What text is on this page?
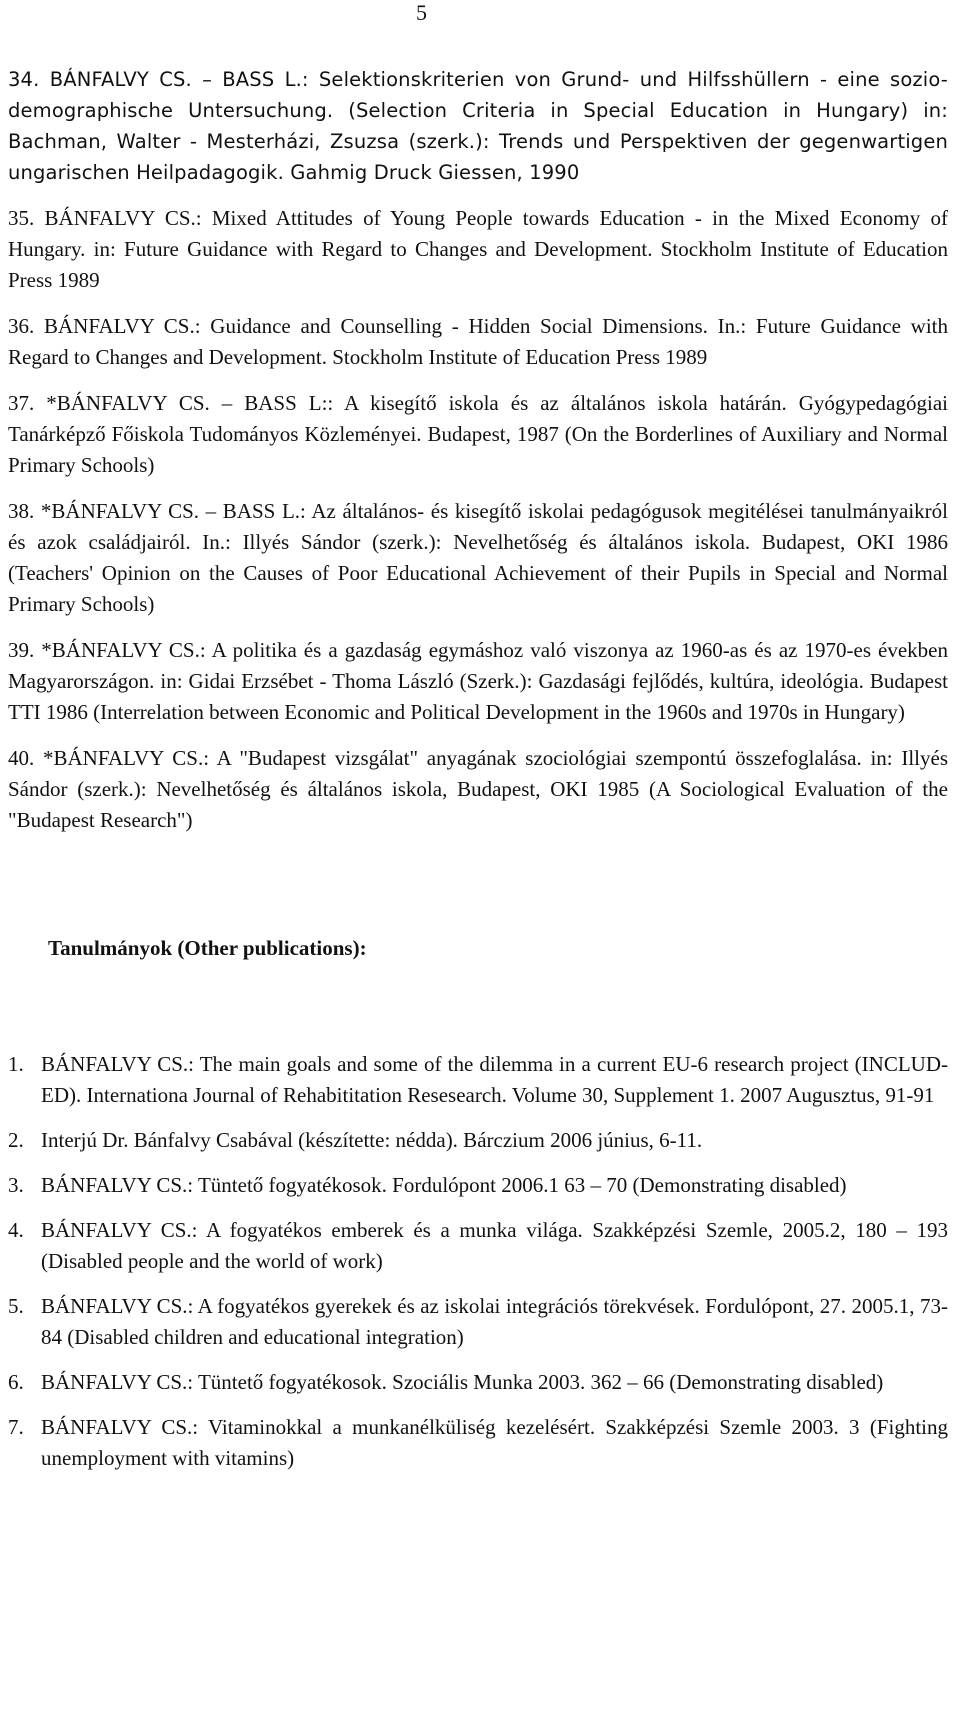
5
34. BÁNFALVY CS. – BASS L.: Selektionskriterien von Grund- und Hilfsshüllern - eine sozio-demographische Untersuchung. (Selection Criteria in Special Education in Hungary) in: Bachman, Walter - Mesterházi, Zsuzsa (szerk.): Trends und Perspektiven der gegenwartigen ungarischen Heilpadagogik. Gahmig Druck Giessen, 1990
35. BÁNFALVY CS.: Mixed Attitudes of Young People towards Education - in the Mixed Economy of Hungary. in: Future Guidance with Regard to Changes and Development. Stockholm Institute of Education Press 1989
36. BÁNFALVY CS.: Guidance and Counselling - Hidden Social Dimensions. In.: Future Guidance with Regard to Changes and Development. Stockholm Institute of Education Press 1989
37. *BÁNFALVY CS. – BASS L:: A kisegítő iskola és az általános iskola határán. Gyógypedagógiai Tanárképző Főiskola Tudományos Közleményei. Budapest, 1987 (On the Borderlines of Auxiliary and Normal Primary Schools)
38. *BÁNFALVY CS. – BASS L.: Az általános- és kisegítő iskolai pedagógusok megitélései tanulmányaikról és azok családjairól. In.: Illyés Sándor (szerk.): Nevelhetőség és általános iskola. Budapest, OKI 1986 (Teachers' Opinion on the Causes of Poor Educational Achievement of their Pupils in Special and Normal Primary Schools)
39. *BÁNFALVY CS.: A politika és a gazdaság egymáshoz való viszonya az 1960-as és az 1970-es években Magyarországon. in: Gidai Erzsébet - Thoma László (Szerk.): Gazdasági fejlődés, kultúra, ideológia. Budapest TTI 1986 (Interrelation between Economic and Political Development in the 1960s and 1970s in Hungary)
40. *BÁNFALVY CS.: A "Budapest vizsgálat" anyagának szociológiai szempontú összefoglalása. in: Illyés Sándor (szerk.): Nevelhetőség és általános iskola, Budapest, OKI 1985 (A Sociological Evaluation of the "Budapest Research")
Tanulmányok (Other publications):
1. BÁNFALVY CS.: The main goals and some of the dilemma in a current EU-6 research project (INCLUD-ED). Internationa Journal of Rehabititation Resesearch. Volume 30, Supplement 1. 2007 Augusztus, 91-91
2. Interjú Dr. Bánfalvy Csabával (készítette: nédda). Bárczium 2006 június, 6-11.
3. BÁNFALVY CS.: Tüntető fogyatékosok. Fordulópont 2006.1 63 – 70 (Demonstrating disabled)
4. BÁNFALVY CS.: A fogyatékos emberek és a munka világa. Szakképzési Szemle, 2005.2, 180 – 193 (Disabled people and the world of work)
5. BÁNFALVY CS.: A fogyatékos gyerekek és az iskolai integrációs törekvések. Fordulópont, 27. 2005.1, 73-84 (Disabled children and educational integration)
6. BÁNFALVY CS.: Tüntető fogyatékosok. Szociális Munka 2003. 362 – 66 (Demonstrating disabled)
7. BÁNFALVY CS.: Vitaminokkal a munkanélküliség kezelésért. Szakképzési Szemle 2003. 3 (Fighting unemployment with vitamins)
